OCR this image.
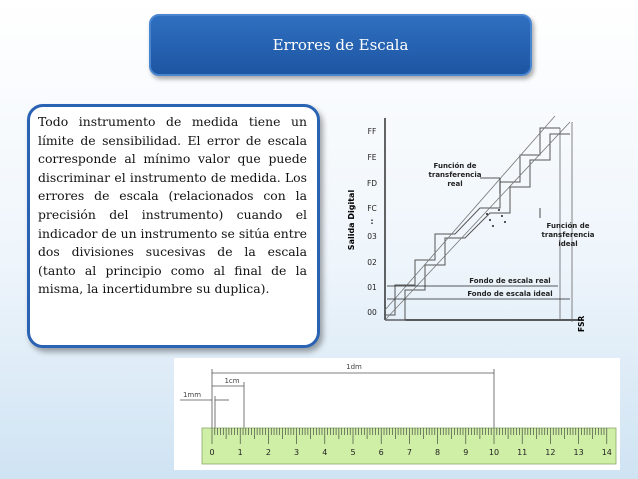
Errores de Escala

Todo instrumento de medida tiene un límite de sensibilidad. El error de escala corresponde al mínimo valor que puede discriminar el instrumento de medida. Los errores de escala (relacionados con la precisión del instrumento) cuando el indicador de un instrumento se sitúa entre dos divisiones sucesivas de la escala (tanto al principio como al final de la misma, la incertidumbre su duplica).

Salida Digital
FF
FE
FD
FC
03
02
01
00
:
Función de
transferencia
real
Función de
transferencia
ideal
Fondo de escala real
Fondo de escala ideal
FSR
1dm
1cm
1mm
0	1	2	3	4	5	6	7	8	9	10 11 12 13 14
